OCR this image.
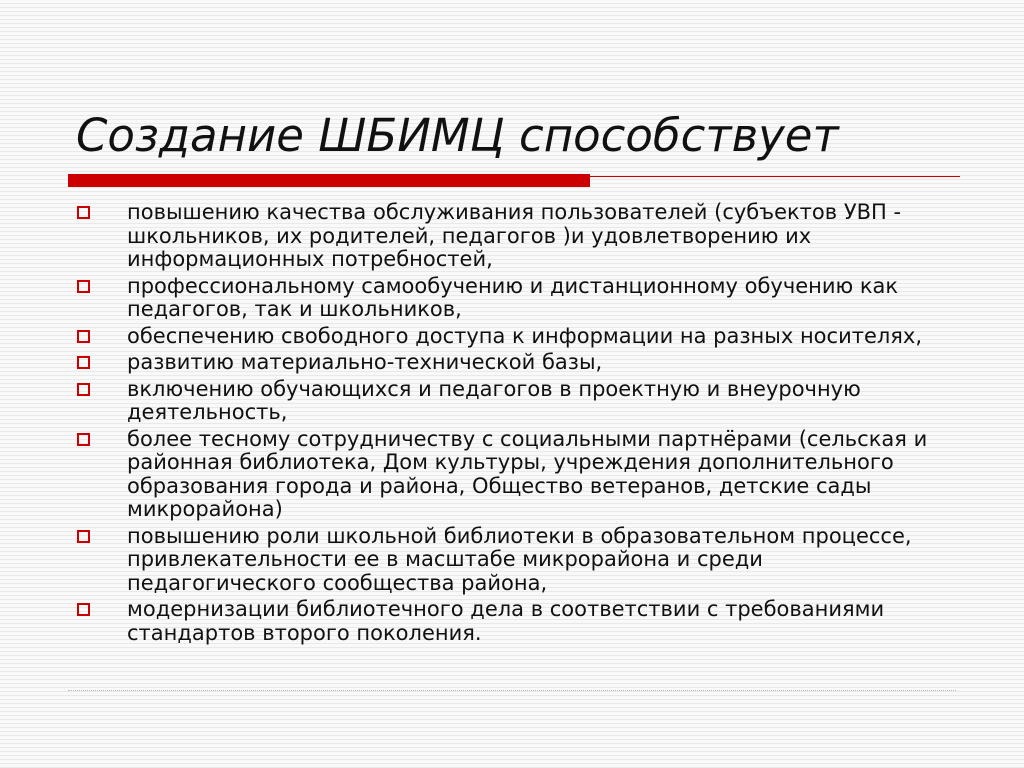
Создание ШБИМЦ способствует
повышению качества обслуживания пользователей (субъектов УВП - школьников, их родителей, педагогов )и удовлетворению их информационных потребностей,
профессиональному самообучению и дистанционному обучению как педагогов, так и школьников,
обеспечению свободного доступа к информации на разных носителях,
развитию материально-технической базы,
включению обучающихся и педагогов в проектную и внеурочную деятельность,
более тесному сотрудничеству с социальными партнёрами (сельская и районная библиотека, Дом культуры, учреждения дополнительного образования города и района, Общество ветеранов, детские сады микрорайона)
повышению роли школьной библиотеки в образовательном процессе, привлекательности ее в масштабе микрорайона и среди педагогического сообщества района,
модернизации библиотечного дела в соответствии с требованиями стандартов второго поколения.
